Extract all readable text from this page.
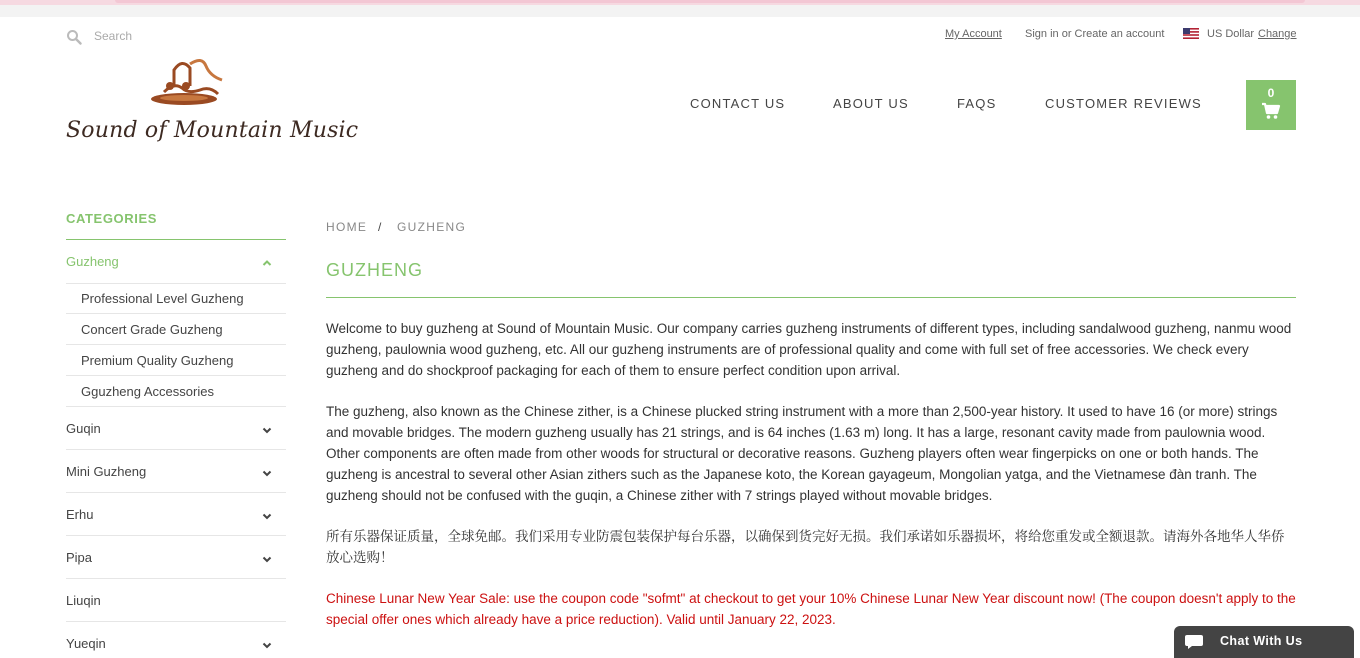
Search
My Account Sign in or Create an account	US Dollar Change
Sound of Mountain Music
CONTACT US	ABOUT US	FAQS	CUSTOMER REVIEWS
0
CATEGORIES
Guzheng
Professional Level Guzheng
Concert Grade Guzheng
Premium Quality Guzheng
Gguzheng Accessories
Guqin
Mini Guzheng
Erhu
Pipa
Liuqin
Yueqin
HOME / GUZHENG
GUZHENG

Welcome to buy guzheng at Sound of Mountain Music. Our company carries guzheng instruments of different types, including sandalwood guzheng, nanmu wood guzheng, paulownia wood guzheng, etc. All our guzheng instruments are of professional quality and come with full set of free accessories. We check every guzheng and do shockproof packaging for each of them to ensure perfect condition upon arrival.

The guzheng, also known as the Chinese zither, is a Chinese plucked string instrument with a more than 2,500-year history. It used to have 16 (or more) strings and movable bridges. The modern guzheng usually has 21 strings, and is 64 inches (1.63 m) long. It has a large, resonant cavity made from paulownia wood. Other components are often made from other woods for structural or decorative reasons. Guzheng players often wear fingerpicks on one or both hands. The guzheng is ancestral to several other Asian zithers such as the Japanese koto, the Korean gayageum, Mongolian yatga, and the Vietnamese đàn tranh. The guzheng should not be confused with the guqin, a Chinese zither with 7 strings played without movable bridges.

所有乐器保证质量，全球免邮。我们采用专业防震包装保护每台乐器，以确保到货完好无损。我们承诺如乐器损坏，将给您重发或全额退款。请海外各地华人华侨放心选购！

Chinese Lunar New Year Sale: use the coupon code "sofmt" at checkout to get your 10% Chinese Lunar New Year discount now! (The coupon doesn't apply to the special offer ones which already have a price reduction). Valid until January 22, 2023.

Chat With Us
